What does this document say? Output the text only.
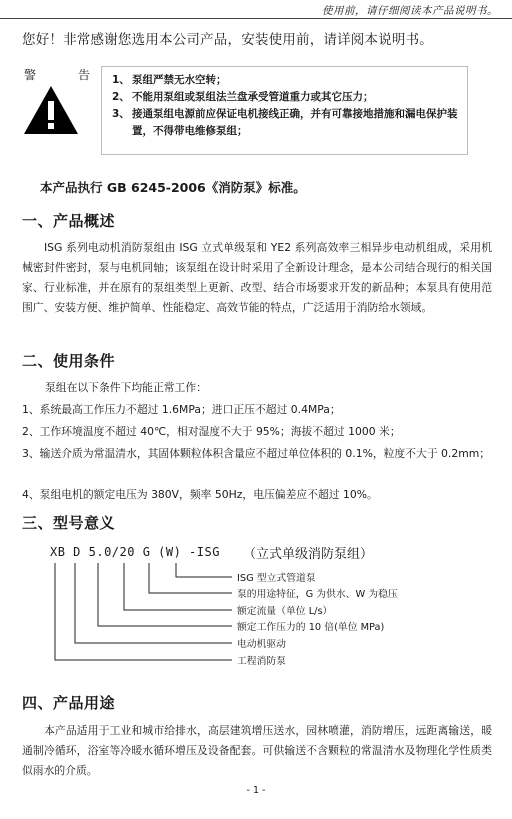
使用前，请仔细阅读本产品说明书。
您好！非常感谢您选用本公司产品，安装使用前，请详阅本说明书。
警	告 1、 泵组严禁无水空转；
2、 不能用泵组或泵组法兰盘承受管道重力或其它压力；
3、 接通泵组电源前应保证电机接线正确，并有可靠接地措施和漏电保护装置，不得带电维修泵组；
本产品执行 GB 6245-2006《消防泵》标准。
一、产品概述
ISG 系列电动机消防泵组由 ISG 立式单级泵和 YE2 系列高效率三相异步电动机组成，采用机械密封件密封，泵与电机同轴；该泵组在设计时采用了全新设计理念，是本公司结合现行的相关国家、行业标准，并在原有的泵组类型上更新、改型、结合市场要求开发的新品种；本泵具有使用范围广、安装方便、维护简单、性能稳定、高效节能的特点，广泛适用于消防给水领域。
二、使用条件
泵组在以下条件下均能正常工作：
1、系统最高工作压力不超过 1.6MPa；进口正压不超过 0.4MPa；
2、工作环境温度不超过 40℃，相对湿度不大于 95%；海拔不超过 1000 米；
3、输送介质为常温清水，其固体颗粒体积含量应不超过单位体积的 0.1%，粒度不大于 0.2mm；
4、泵组电机的额定电压为 380V，频率 50Hz，电压偏差应不超过 10%。
三、型号意义
XB D 5.0/20 G (W) -ISG （立式单级消防泵组）
ISG 型立式管道泵
泵的用途特征，G 为供水、W 为稳压
额定流量（单位 L/s）
额定工作压力的 10 倍(单位 MPa)
电动机驱动
工程消防泵
四、产品用途
本产品适用于工业和城市给排水，高层建筑增压送水，园林喷灌，消防增压，远距离输送，暖通制冷循环，浴室等冷暖水循环增压及设备配套。可供输送不含颗粒的常温清水及物理化学性质类似雨水的介质。
- 1 -
